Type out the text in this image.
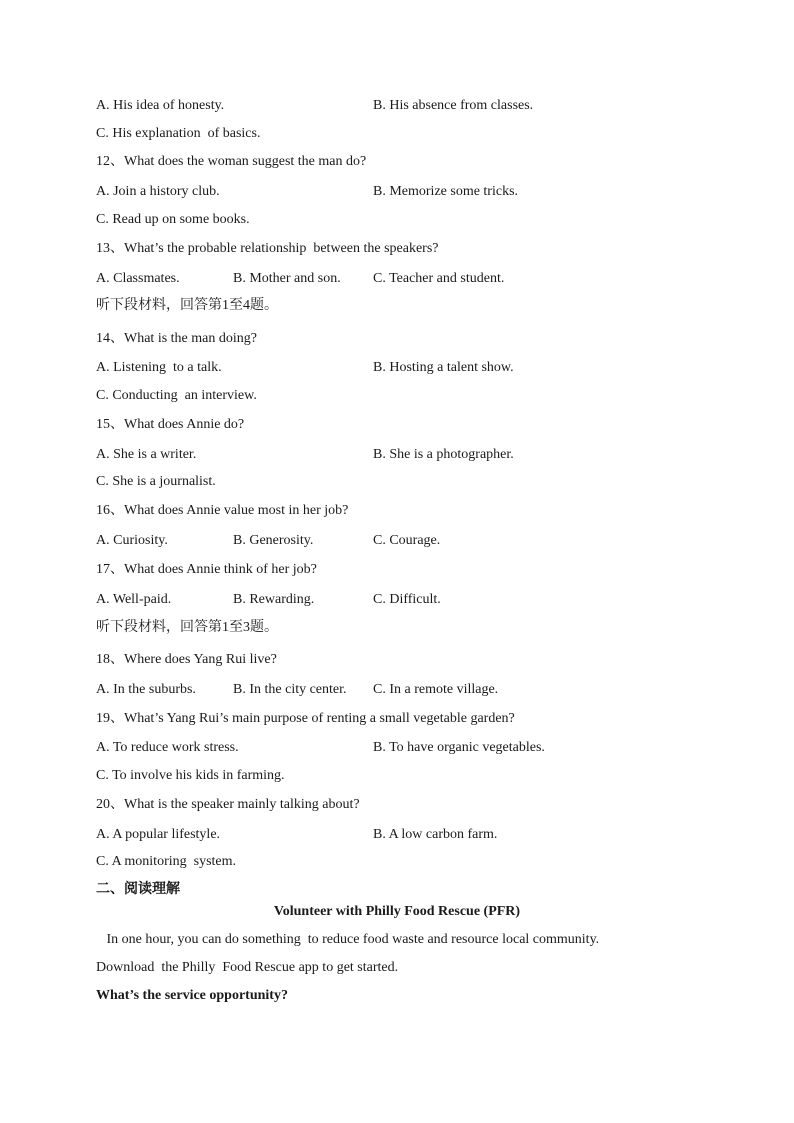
A. His idea of honesty.	B. His absence from classes.
C. His explanation  of basics.
12、What does the woman suggest the man do?
A. Join a history club.	B. Memorize some tricks.
C. Read up on some books.
13、What’s the probable relationship  between the speakers?
A. Classmates.	B. Mother and son. C. Teacher and student.
听下段材料，回答第1至4题。
14、What is the man doing?
A. Listening  to a talk.	B. Hosting a talent show.
C. Conducting  an interview.
15、What does Annie do?
A. She is a writer.	B. She is a photographer.
C. She is a journalist.
16、What does Annie value most in her job?
A. Curiosity.	B. Generosity.	C. Courage.
17、What does Annie think of her job?
A. Well-paid.	B. Rewarding.	C. Difficult.
听下段材料，回答第1至3题。
18、Where does Yang Rui live?
A. In the suburbs.	B. In the city center. C. In a remote village.
19、What’s Yang Rui’s main purpose of renting a small vegetable garden?
A. To reduce work stress.	B. To have organic vegetables.
C. To involve his kids in farming.
20、What is the speaker mainly talking about?
A. A popular lifestyle.	B. A low carbon farm.
C. A monitoring  system.
二、阅读理解
Volunteer with Philly Food Rescue (PFR)
In one hour, you can do something  to reduce food waste and resource local community.
Download  the Philly  Food Rescue app to get started.
What’s the service opportunity?
